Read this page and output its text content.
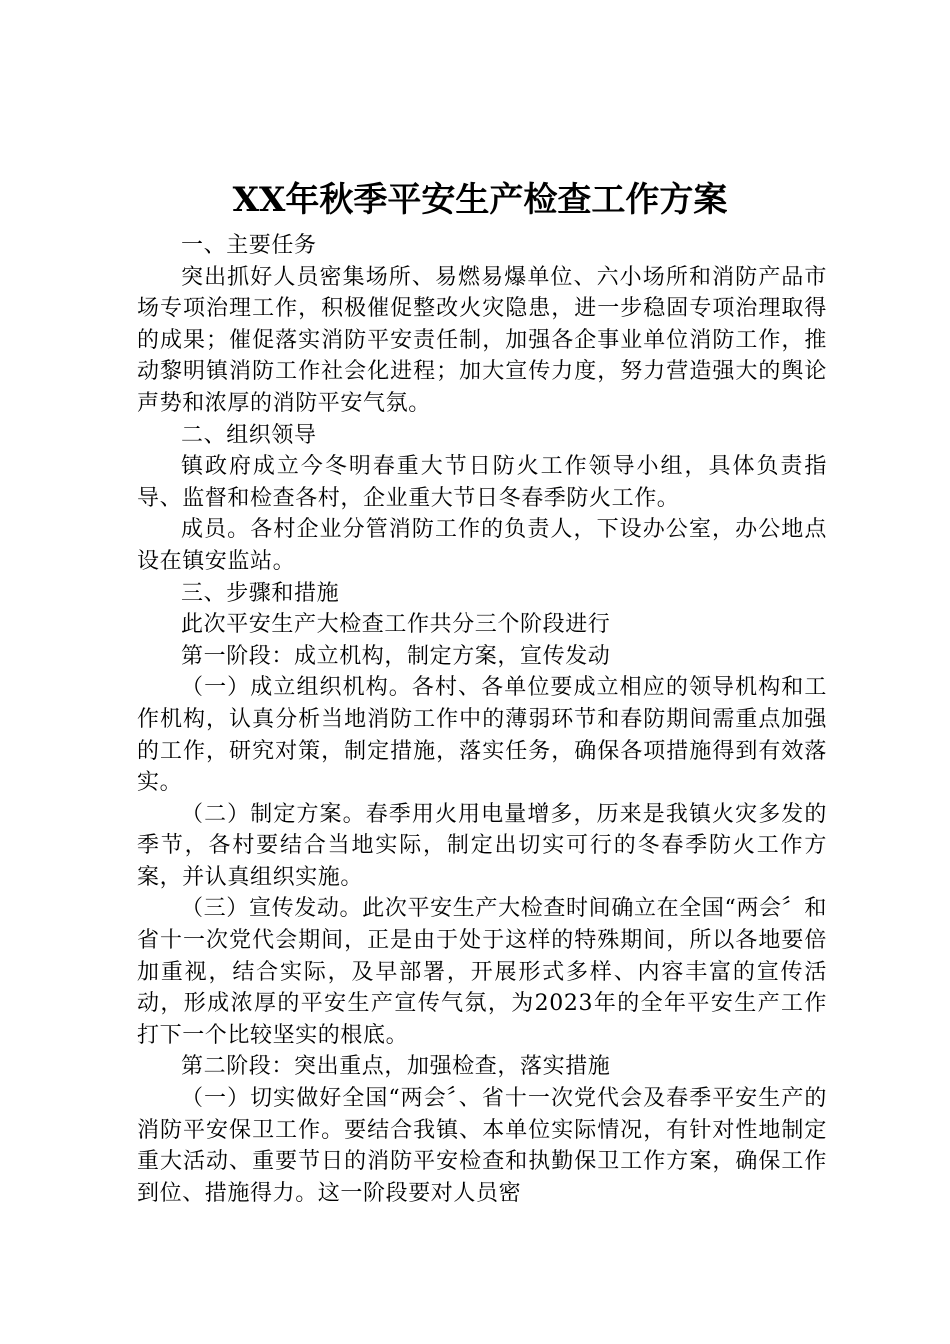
XX年秋季平安生产检查工作方案

一、主要任务

突出抓好人员密集场所、易燃易爆单位、六小场所和消防产品市场专项治理工作，积极催促整改火灾隐患，进一步稳固专项治理取得的成果；催促落实消防平安责任制，加强各企事业单位消防工作，推动黎明镇消防工作社会化进程；加大宣传力度，努力营造强大的舆论声势和浓厚的消防平安气氛。

二、组织领导

镇政府成立今冬明春重大节日防火工作领导小组，具体负责指导、监督和检查各村，企业重大节日冬春季防火工作。

成员。各村企业分管消防工作的负责人，下设办公室，办公地点设在镇安监站。

三、步骤和措施

此次平安生产大检查工作共分三个阶段进行

第一阶段：成立机构，制定方案，宣传发动

（一）成立组织机构。各村、各单位要成立相应的领导机构和工作机构，认真分析当地消防工作中的薄弱环节和春防期间需重点加强的工作，研究对策，制定措施，落实任务，确保各项措施得到有效落实。

（二）制定方案。春季用火用电量增多，历来是我镇火灾多发的季节，各村要结合当地实际，制定出切实可行的冬春季防火工作方案，并认真组织实施。

（三）宣传发动。此次平安生产大检查时间确立在全国“两会〞和省十一次党代会期间，正是由于处于这样的特殊期间，所以各地要倍加重视，结合实际，及早部署，开展形式多样、内容丰富的宣传活动，形成浓厚的平安生产宣传气氛，为2023年的全年平安生产工作打下一个比较坚实的根底。

第二阶段：突出重点，加强检查，落实措施

（一）切实做好全国“两会〞、省十一次党代会及春季平安生产的消防平安保卫工作。要结合我镇、本单位实际情况，有针对性地制定重大活动、重要节日的消防平安检查和执勤保卫工作方案，确保工作到位、措施得力。这一阶段要对人员密
